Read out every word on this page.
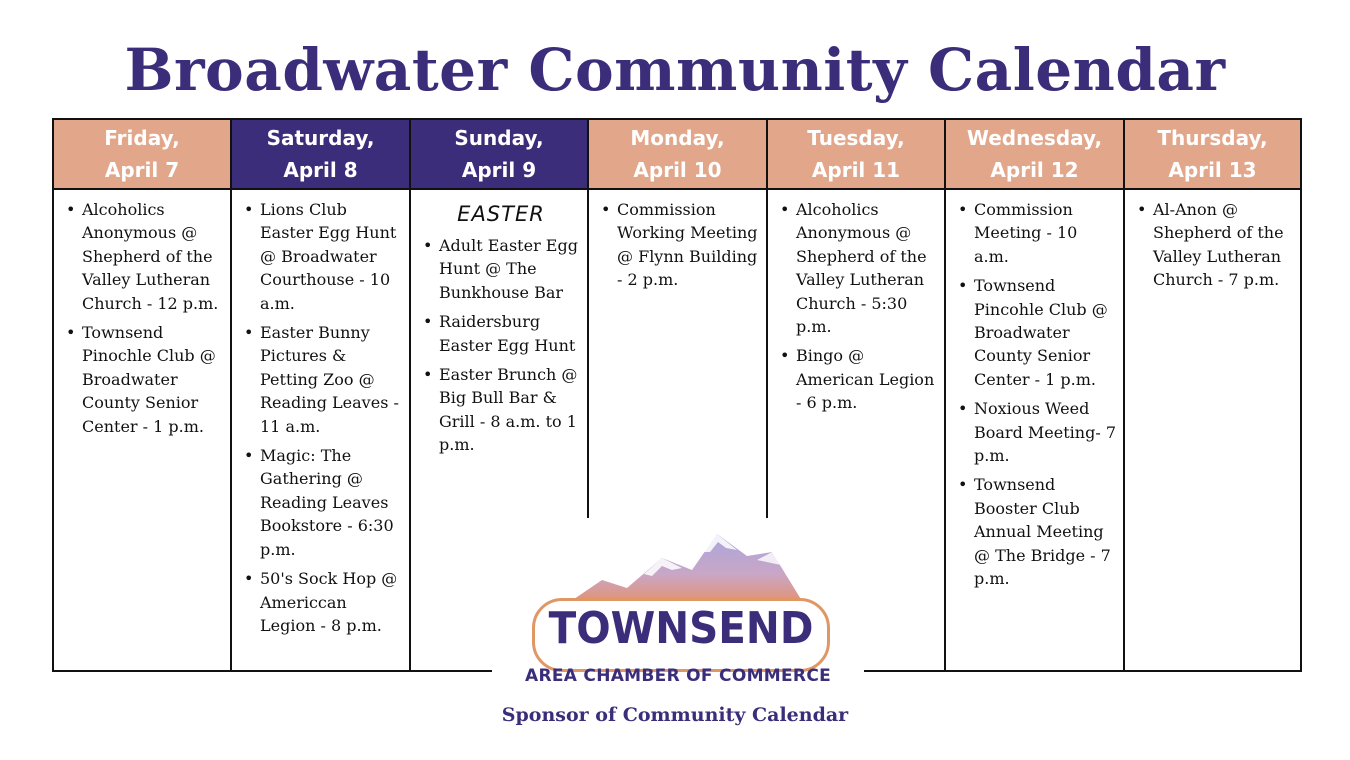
Broadwater Community Calendar
Friday,
April 7
• Alcoholics Anonymous @ Shepherd of the Valley Lutheran Church - 12 p.m.
• Townsend Pinochle Club @ Broadwater County Senior Center - 1 p.m.
Saturday,
April 8
• Lions Club Easter Egg Hunt @ Broadwater Courthouse - 10 a.m.
• Easter Bunny Pictures & Petting Zoo @ Reading Leaves - 11 a.m.
• Magic: The Gathering @ Reading Leaves Bookstore - 6:30 p.m.
• 50's Sock Hop @ Americcan Legion - 8 p.m.
Sunday,
April 9
EASTER
• Adult Easter Egg Hunt @ The Bunkhouse Bar
• Raidersburg Easter Egg Hunt
• Easter Brunch @ Big Bull Bar & Grill - 8 a.m. to 1 p.m.
Monday,
April 10
• Commission Working Meeting @ Flynn Building - 2 p.m.
Tuesday,
April 11
• Alcoholics Anonymous @ Shepherd of the Valley Lutheran Church - 5:30 p.m.
• Bingo @ American Legion - 6 p.m.
Wednesday,
April 12
• Commission Meeting - 10 a.m.
• Townsend Pincohle Club @ Broadwater County Senior Center - 1 p.m.
• Noxious Weed Board Meeting- 7 p.m.
• Townsend Booster Club Annual Meeting @ The Bridge - 7 p.m.
Thursday,
April 13
• Al-Anon @ Shepherd of the Valley Lutheran Church - 7 p.m.
TOWNSEND
AREA CHAMBER OF COMMERCE
Sponsor of Community Calendar
